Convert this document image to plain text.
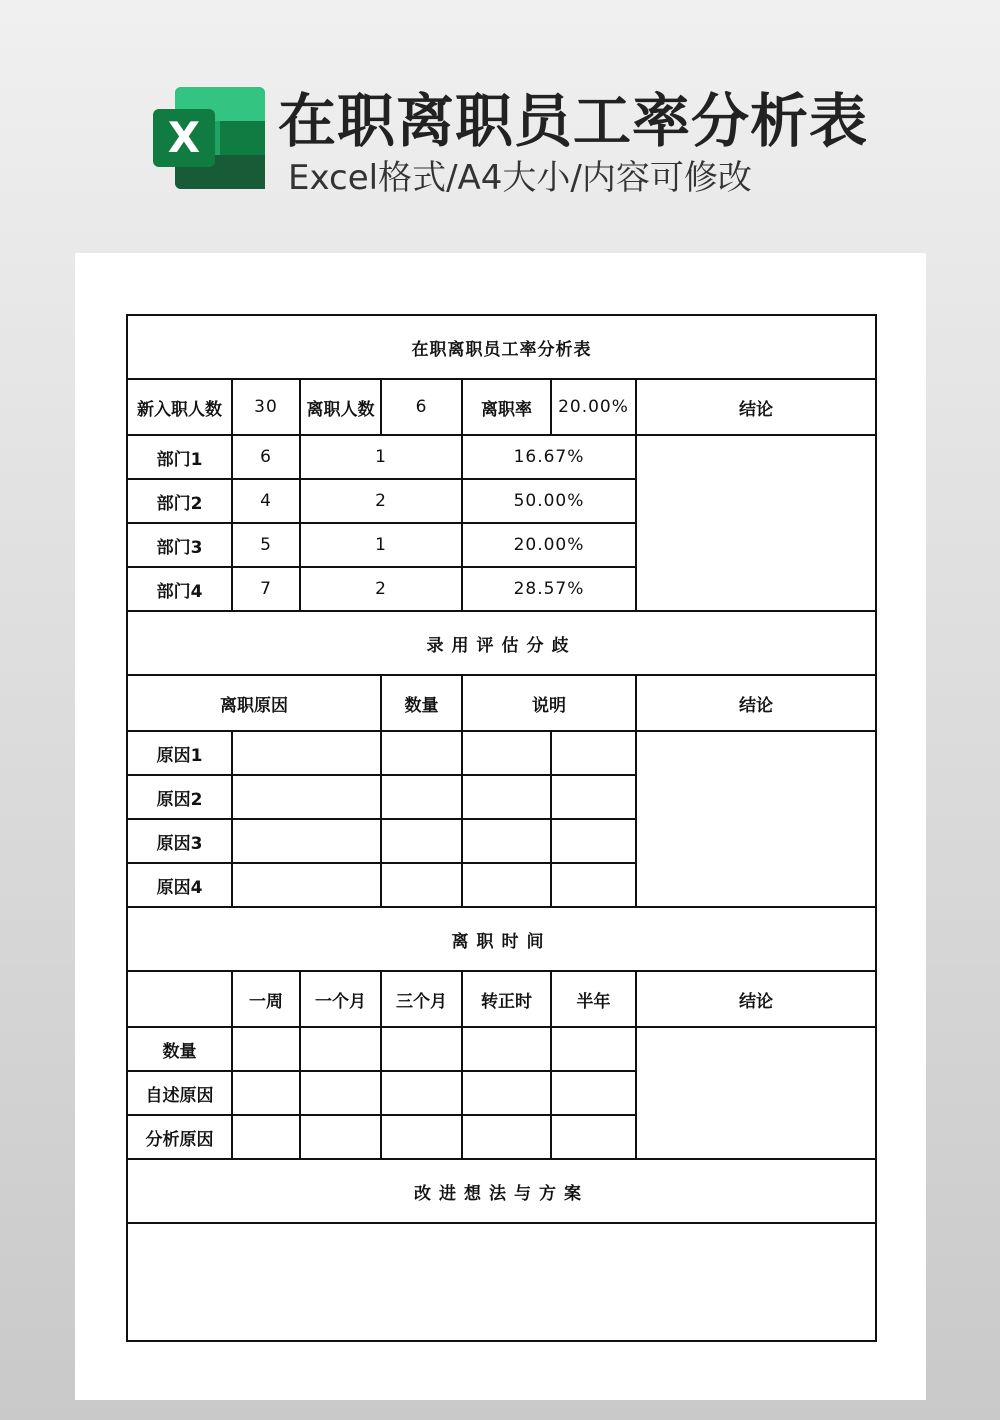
X 在职离职员工率分析表
Excel格式/A4大小/内容可修改
在职离职员工率分析表						
新入职人数	30	离职人数	6	离职率	20.00%	结论
部门1	6	1		16.67%		
部门2	4	2		50.00%		
部门3	5	1		20.00%		
部门4	7	2		28.57%		
录用评估分歧						
离职原因			数量	说明		结论
原因1						
原因2						
原因3						
原因4						
离职时间						
	一周	一个月	三个月	转正时	半年	结论
数量						
自述原因						
分析原因						
改进想法与方案						
